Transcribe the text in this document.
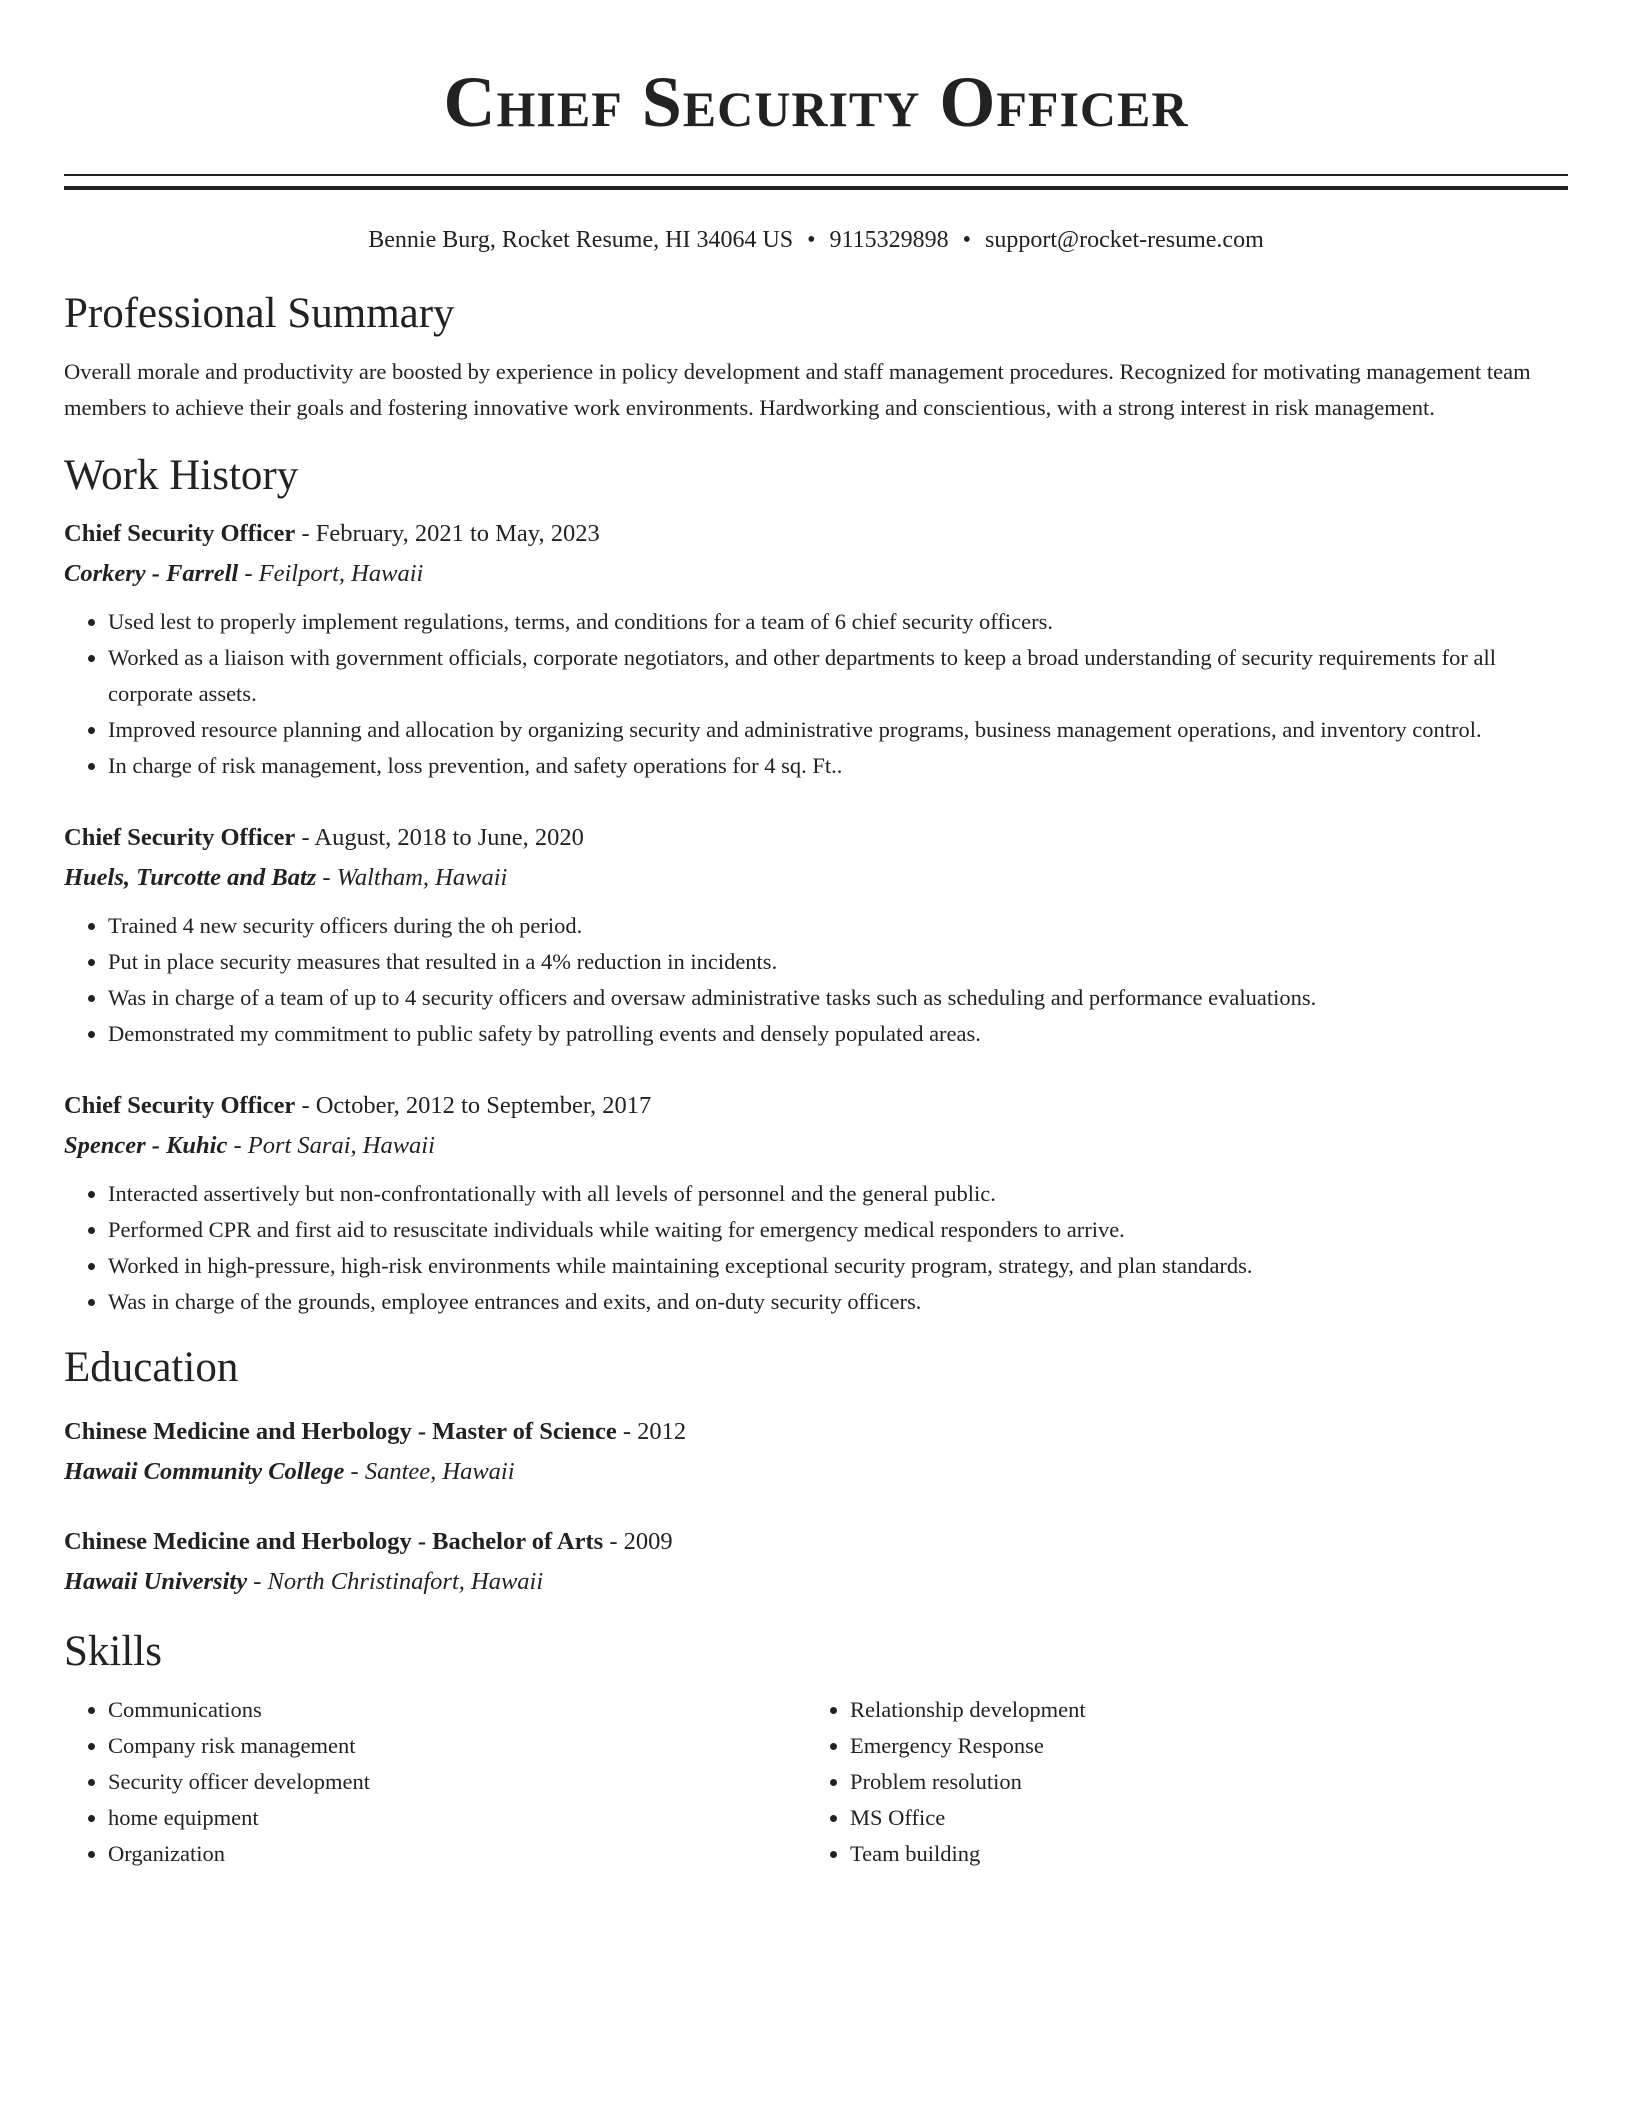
Chief Security Officer
Bennie Burg, Rocket Resume, HI 34064 US • 9115329898 • support@rocket-resume.com
Professional Summary

Overall morale and productivity are boosted by experience in policy development and staff management procedures. Recognized for motivating management team members to achieve their goals and fostering innovative work environments. Hardworking and conscientious, with a strong interest in risk management.

Work History
Chief Security Officer - February, 2021 to May, 2023
Corkery - Farrell - Feilport, Hawaii
• Used lest to properly implement regulations, terms, and conditions for a team of 6 chief security officers.
• Worked as a liaison with government officials, corporate negotiators, and other departments to keep a broad understanding of security requirements for all corporate assets.
• Improved resource planning and allocation by organizing security and administrative programs, business management operations, and inventory control.
• In charge of risk management, loss prevention, and safety operations for 4 sq. Ft..
Chief Security Officer - August, 2018 to June, 2020
Huels, Turcotte and Batz - Waltham, Hawaii
• Trained 4 new security officers during the oh period.
• Put in place security measures that resulted in a 4% reduction in incidents.
• Was in charge of a team of up to 4 security officers and oversaw administrative tasks such as scheduling and performance evaluations.
• Demonstrated my commitment to public safety by patrolling events and densely populated areas.
Chief Security Officer - October, 2012 to September, 2017
Spencer - Kuhic - Port Sarai, Hawaii
• Interacted assertively but non-confrontationally with all levels of personnel and the general public.
• Performed CPR and first aid to resuscitate individuals while waiting for emergency medical responders to arrive.
• Worked in high-pressure, high-risk environments while maintaining exceptional security program, strategy, and plan standards.
• Was in charge of the grounds, employee entrances and exits, and on-duty security officers.
Education
Chinese Medicine and Herbology - Master of Science - 2012
Hawaii Community College - Santee, Hawaii
Chinese Medicine and Herbology - Bachelor of Arts - 2009
Hawaii University - North Christinafort, Hawaii
Skills
• Communications
• Company risk management
• Security officer development
• home equipment
• Organization
• Relationship development
• Emergency Response
• Problem resolution
• MS Office
• Team building
